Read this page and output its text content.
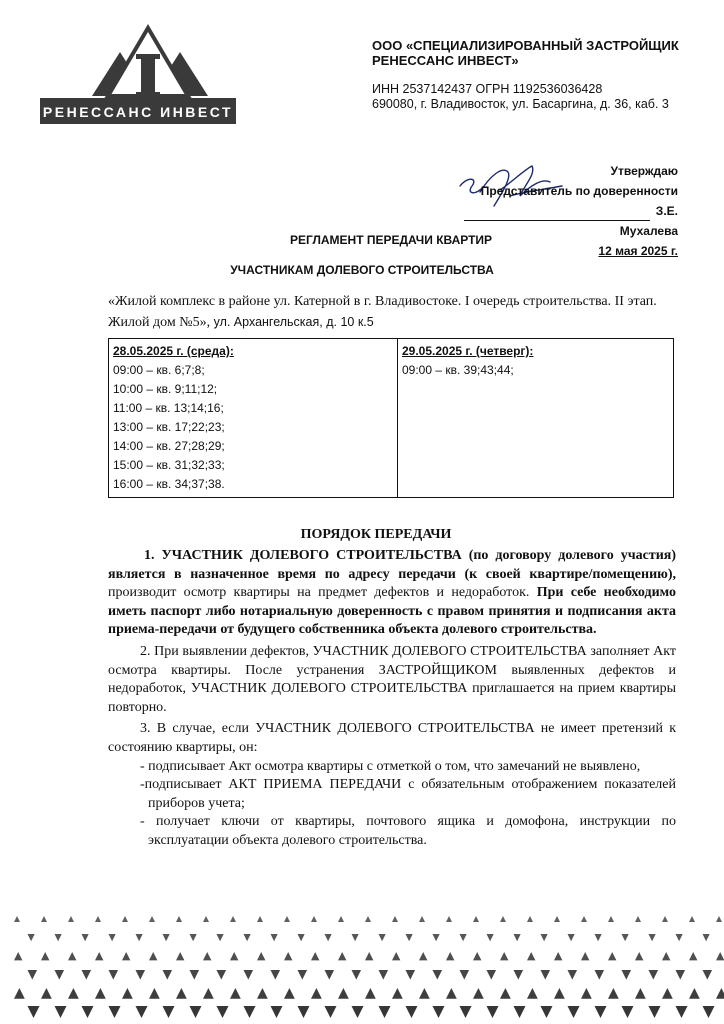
РЕНЕССАНС ИНВЕСТ
ООО «СПЕЦИАЛИЗИРОВАННЫЙ ЗАСТРОЙЩИК
РЕНЕССАНС ИНВЕСТ»
ИНН 2537142437 ОГРН 1192536036428
690080, г. Владивосток, ул. Басаргина, д. 36, каб. 3
Утверждаю
Представитель по доверенности
З.Е. Мухалева
12 мая 2025 г.
РЕГЛАМЕНТ ПЕРЕДАЧИ КВАРТИР
УЧАСТНИКАМ ДОЛЕВОГО СТРОИТЕЛЬСТВА
«Жилой комплекс в районе ул. Катерной в г. Владивостоке. I очередь строительства. II этап. Жилой дом №5», ул. Архангельская, д. 10 к.5
28.05.2025 г. (среда):
09:00 – кв. 6;7;8;
10:00 – кв. 9;11;12;
11:00 – кв. 13;14;16;
13:00 – кв. 17;22;23;
14:00 – кв. 27;28;29;
15:00 – кв. 31;32;33;
16:00 – кв. 34;37;38.

29.05.2025 г. (четверг):
09:00 – кв. 39;43;44;
ПОРЯДОК ПЕРЕДАЧИ

1. УЧАСТНИК ДОЛЕВОГО СТРОИТЕЛЬСТВА (по договору долевого участия) является в назначенное время по адресу передачи (к своей квартире/помещению), производит осмотр квартиры на предмет дефектов и недоработок. При себе необходимо иметь паспорт либо нотариальную доверенность с правом принятия и подписания акта приема-передачи от будущего собственника объекта долевого строительства.

2. При выявлении дефектов, УЧАСТНИК ДОЛЕВОГО СТРОИТЕЛЬСТВА заполняет Акт осмотра квартиры. После устранения ЗАСТРОЙЩИКОМ выявленных дефектов и недоработок, УЧАСТНИК ДОЛЕВОГО СТРОИТЕЛЬСТВА приглашается на прием квартиры повторно.

3. В случае, если УЧАСТНИК ДОЛЕВОГО СТРОИТЕЛЬСТВА не имеет претензий к состоянию квартиры, он:

- подписывает Акт осмотра квартиры с отметкой о том, что замечаний не выявлено,

-подписывает АКТ ПРИЕМА ПЕРЕДАЧИ с обязательным отображением показателей приборов учета;

- получает ключи от квартиры, почтового ящика и домофона, инструкции по эксплуатации объекта долевого строительства.
